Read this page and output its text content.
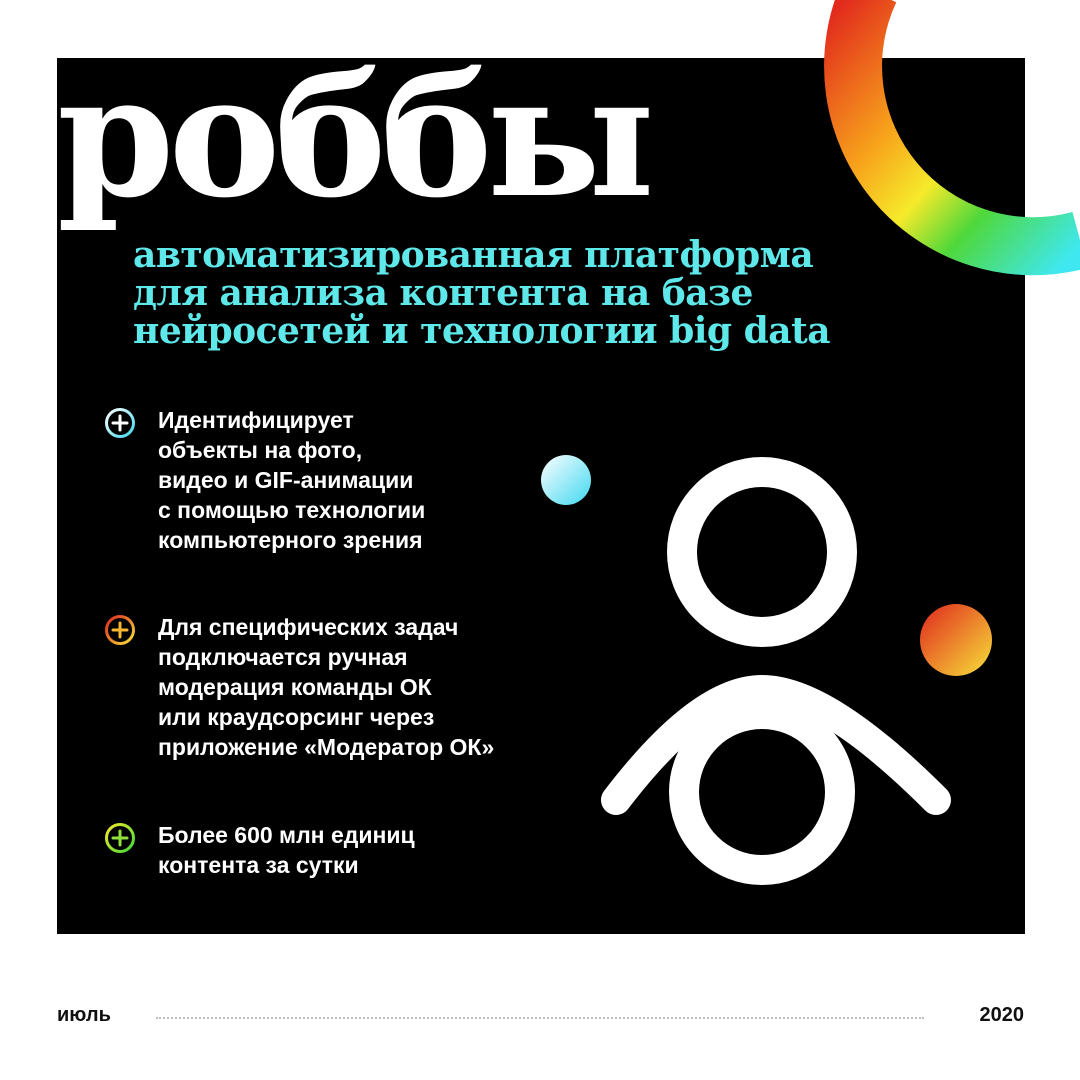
роббы
автоматизированная платформа
для анализа контента на базе
нейросетей и технологии big data
Идентифицирует
объекты на фото,
видео и GIF-анимации
с помощью технологии
компьютерного зрения
Для специфических задач
подключается ручная
модерация команды ОК
или краудсорсинг через
приложение «Модератор ОК»
Более 600 млн единиц
контента за сутки
июль	2020
